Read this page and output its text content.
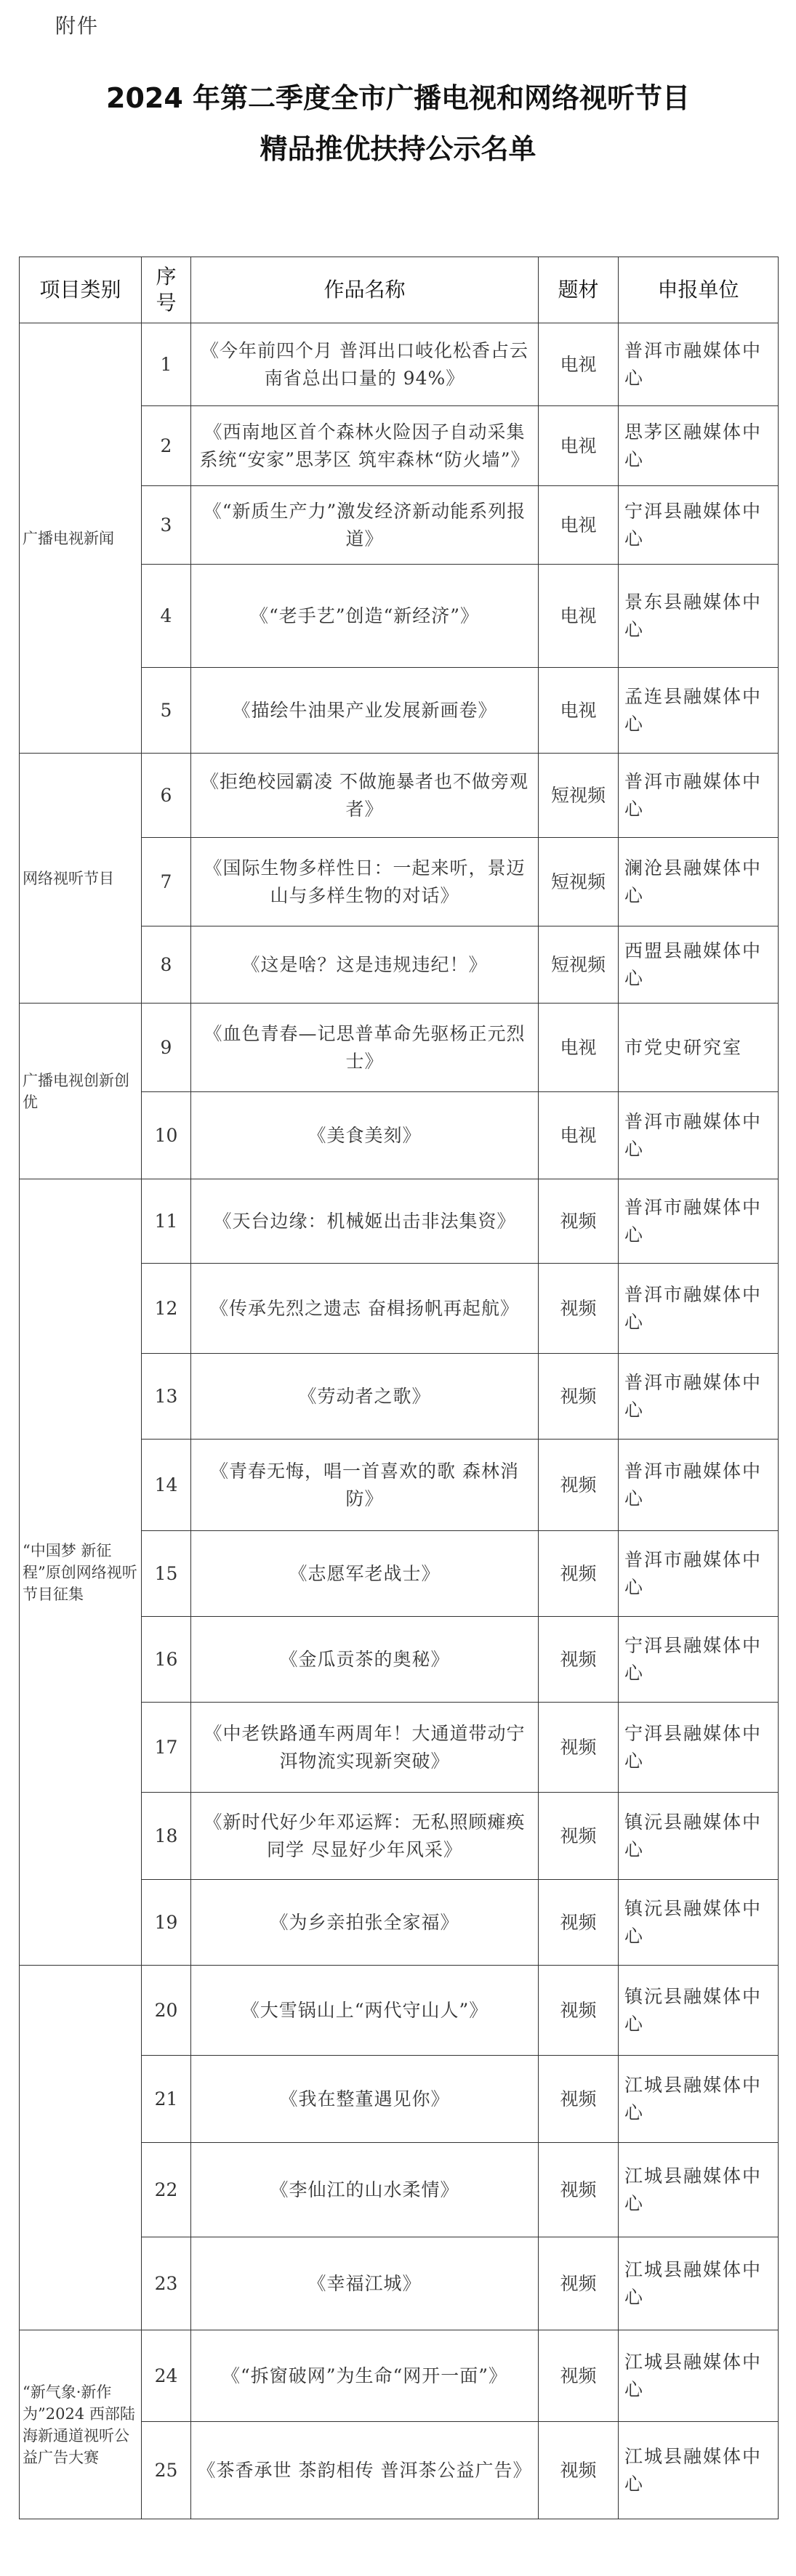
附件
2024 年第二季度全市广播电视和网络视听节目
精品推优扶持公示名单
项目类别	序号	作品名称	题材	申报单位
广播电视新闻	1	《今年前四个月 普洱出口岐化松香占云南省总出口量的 94%》	电视	普洱市融媒体中心
	2	《西南地区首个森林火险因子自动采集系统“安家”思茅区 筑牢森林“防火墙”》	电视	思茅区融媒体中心
	3	《“新质生产力”激发经济新动能系列报道》	电视	宁洱县融媒体中心
	4	《“老手艺”创造“新经济”》	电视	景东县融媒体中心
	5	《描绘牛油果产业发展新画卷》	电视	孟连县融媒体中心
网络视听节目	6	《拒绝校园霸凌 不做施暴者也不做旁观者》	短视频	普洱市融媒体中心
	7	《国际生物多样性日：一起来听，景迈山与多样生物的对话》	短视频	澜沧县融媒体中心
	8	《这是啥？这是违规违纪！》	短视频	西盟县融媒体中心
广播电视创新创优	9	《血色青春—记思普革命先驱杨正元烈士》	电视	市党史研究室
	10	《美食美刻》	电视	普洱市融媒体中心
“中国梦 新征程”原创网络视听节目征集	11	《天台边缘：机械姬出击非法集资》	视频	普洱市融媒体中心
	12	《传承先烈之遗志 奋楫扬帆再起航》	视频	普洱市融媒体中心
	13	《劳动者之歌》	视频	普洱市融媒体中心
	14	《青春无悔，唱一首喜欢的歌 森林消防》	视频	普洱市融媒体中心
	15	《志愿军老战士》	视频	普洱市融媒体中心
	16	《金瓜贡茶的奥秘》	视频	宁洱县融媒体中心
	17	《中老铁路通车两周年！大通道带动宁洱物流实现新突破》	视频	宁洱县融媒体中心
	18	《新时代好少年邓运辉：无私照顾瘫痪同学 尽显好少年风采》	视频	镇沅县融媒体中心
	19	《为乡亲拍张全家福》	视频	镇沅县融媒体中心
	20	《大雪锅山上“两代守山人”》	视频	镇沅县融媒体中心
	21	《我在整董遇见你》	视频	江城县融媒体中心
	22	《李仙江的山水柔情》	视频	江城县融媒体中心
	23	《幸福江城》	视频	江城县融媒体中心
“新气象·新作为”2024 西部陆海新通道视听公益广告大赛	24	《“拆窗破网”为生命“网开一面”》	视频	江城县融媒体中心
	25	《茶香承世 茶韵相传 普洱茶公益广告》	视频	江城县融媒体中心
